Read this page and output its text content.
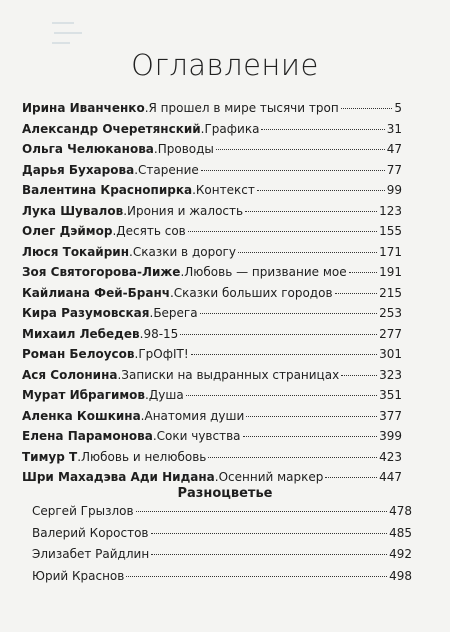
Оглавление
Ирина Иванченко . Я прошел в мире тысячи троп	5
Александр Очеретянский . Графика	31
Ольга Челюканова . Проводы	47
Дарья Бухарова . Старение	77
Валентина Краснопирка . Контекст	99
Лука Шувалов . Ирония и жалость	123
Олег Дэймор . Десять сов	155
Люся Токайрин . Сказки в дорогу	171
Зоя Святогорова-Лиже . Любовь — призвание мое	191
Кайлиана Фей-Бранч . Сказки больших городов	215
Кира Разумовская . Берега	253
Михаил Лебедев . 98-15	277
Роман Белоусов . ГрОфIТ!	301
Ася Солонина . Записки на выдранных страницах	323
Мурат Ибрагимов . Душа	351
Аленка Кошкина . Анатомия души	377
Елена Парамонова . Соки чувства	399
Тимур Т . Любовь и нелюбовь	423
Шри Махадэва Ади Нидана . Осенний маркер	447
Разноцветье
Сергей Грызлов	478
Валерий Коростов	485
Элизабет Райдлин	492
Юрий Краснов	498
